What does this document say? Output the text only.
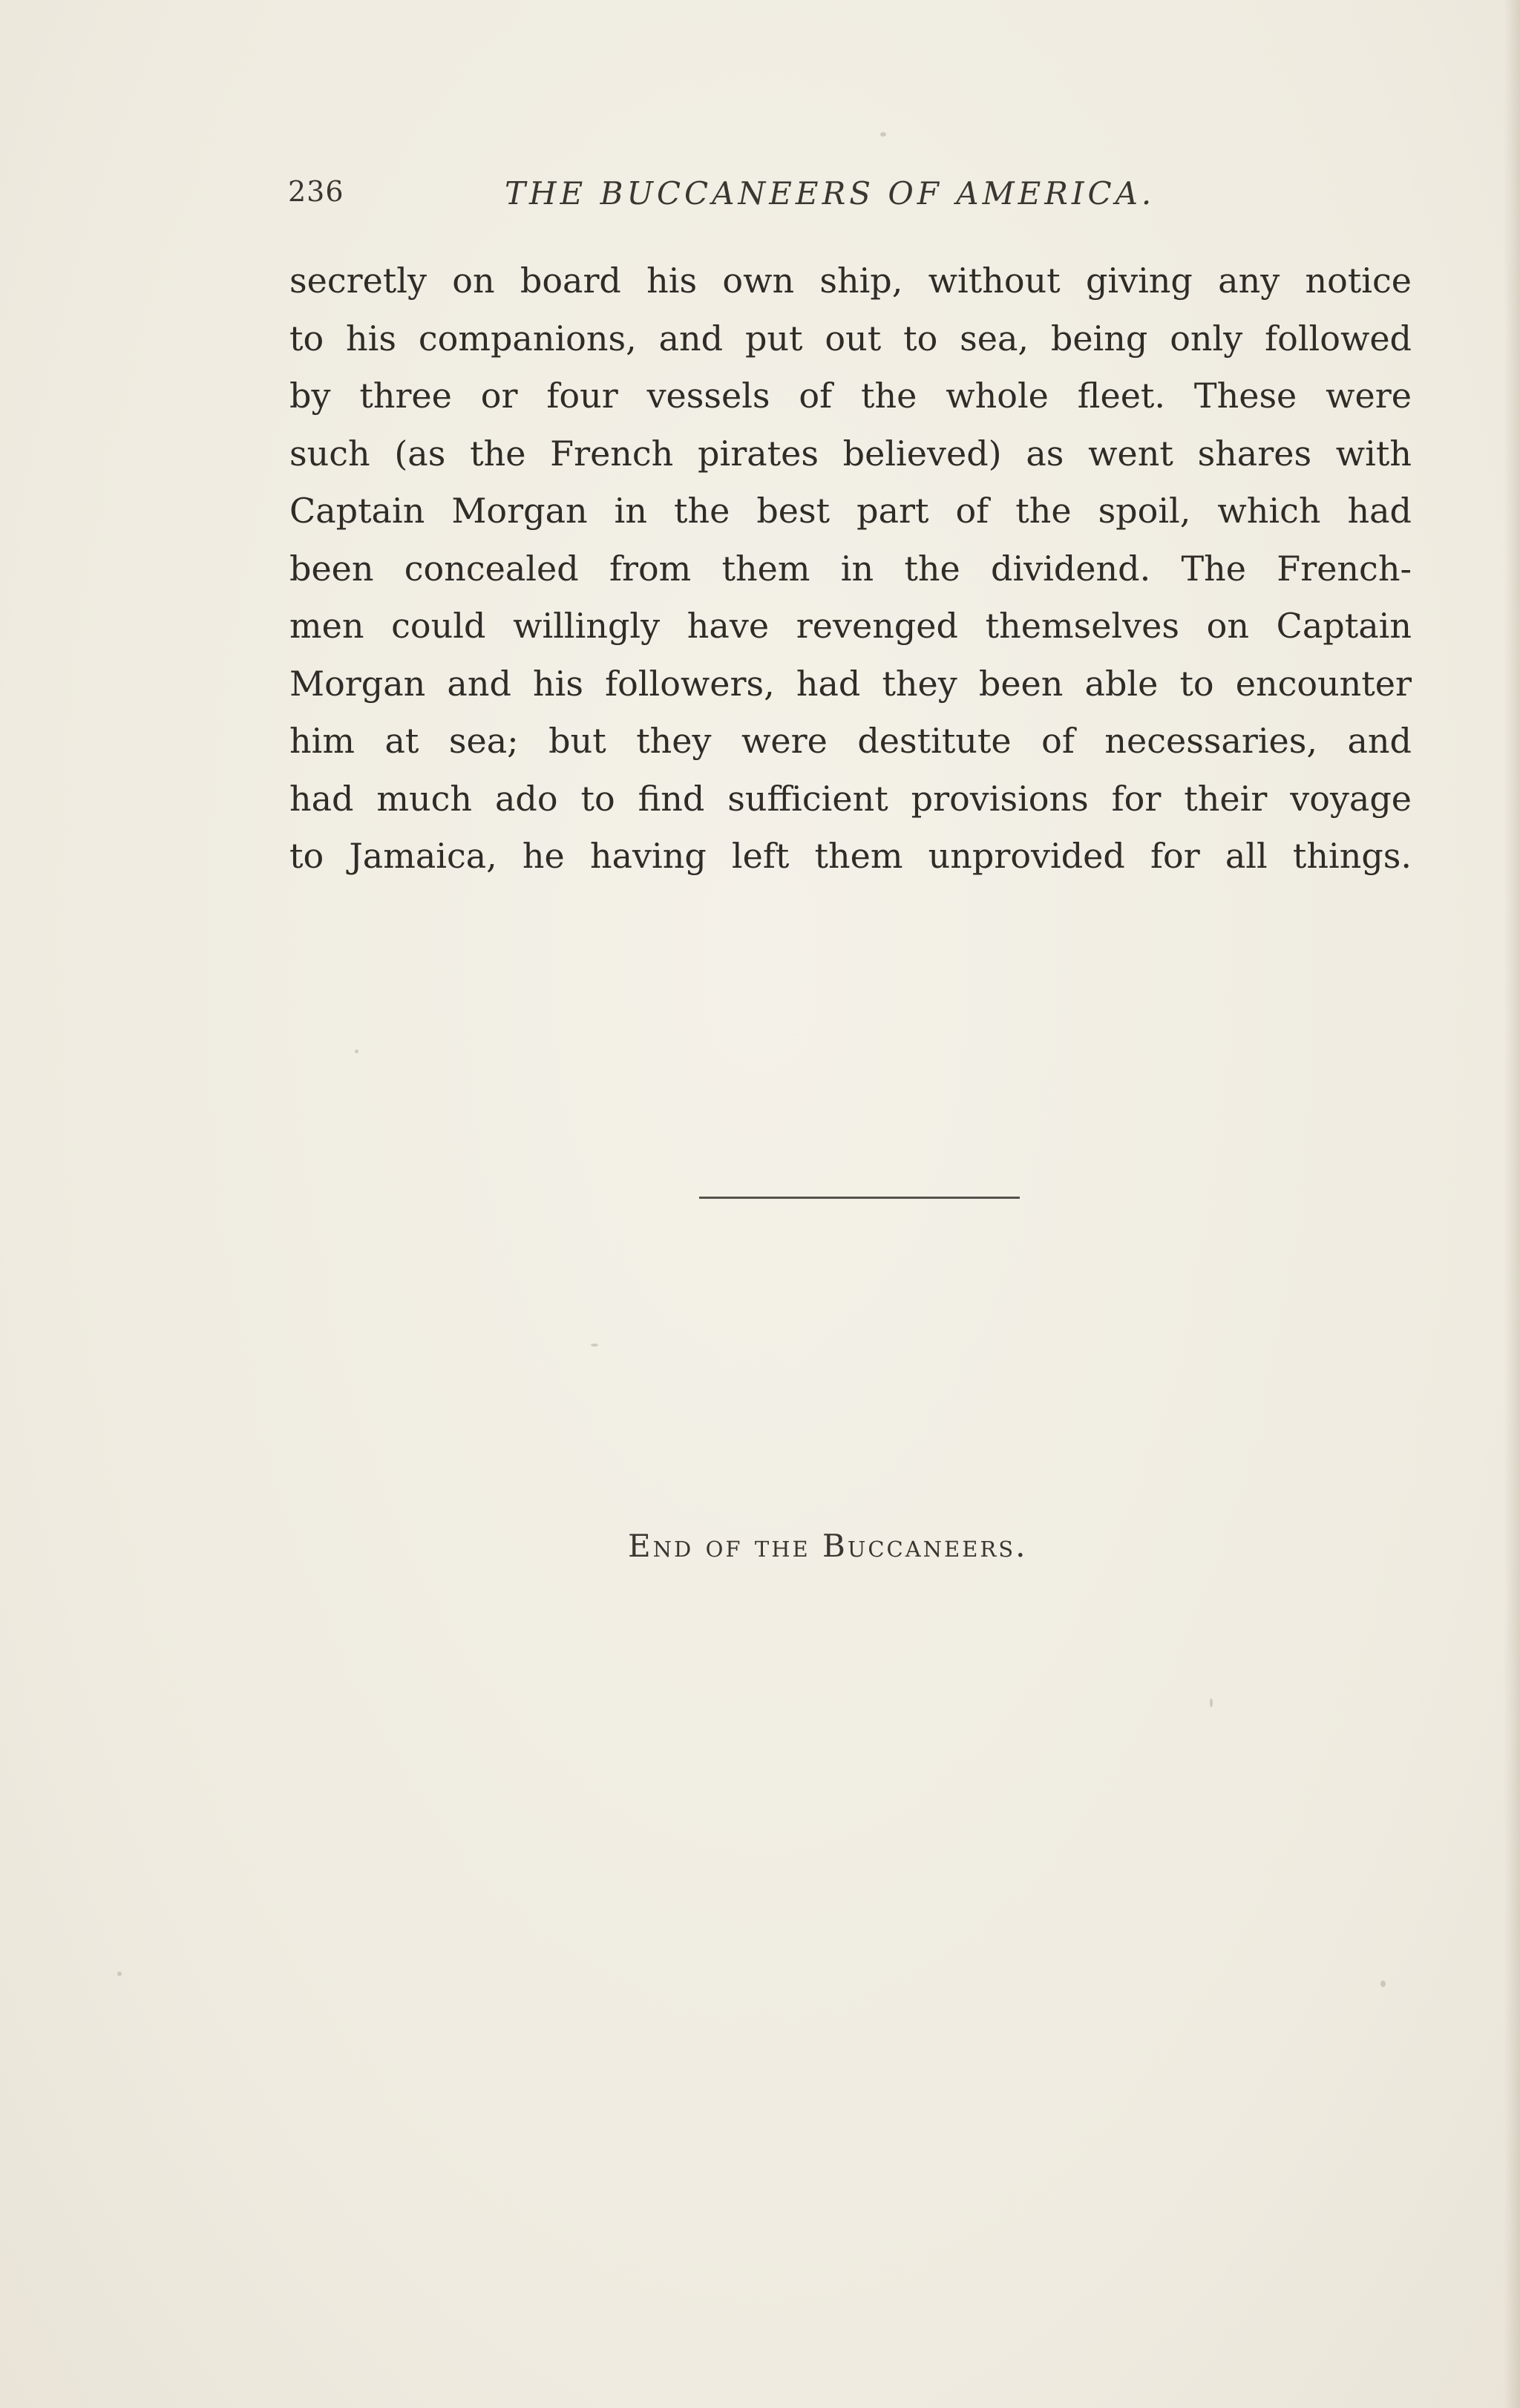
236	THE BUCCANEERS OF AMERICA.
secretly on board his own ship, without giving any notice
to his companions, and put out to sea, being only followed
by three or four vessels of the whole fleet. These were
such (as the French pirates believed) as went shares with
Captain Morgan in the best part of the spoil, which had
been concealed from them in the dividend. The French-
men could willingly have revenged themselves on Captain
Morgan and his followers, had they been able to encounter
him at sea; but they were destitute of necessaries, and
had much ado to find sufficient provisions for their voyage
to Jamaica, he having left them unprovided for all things.
End of the Buccaneers.
